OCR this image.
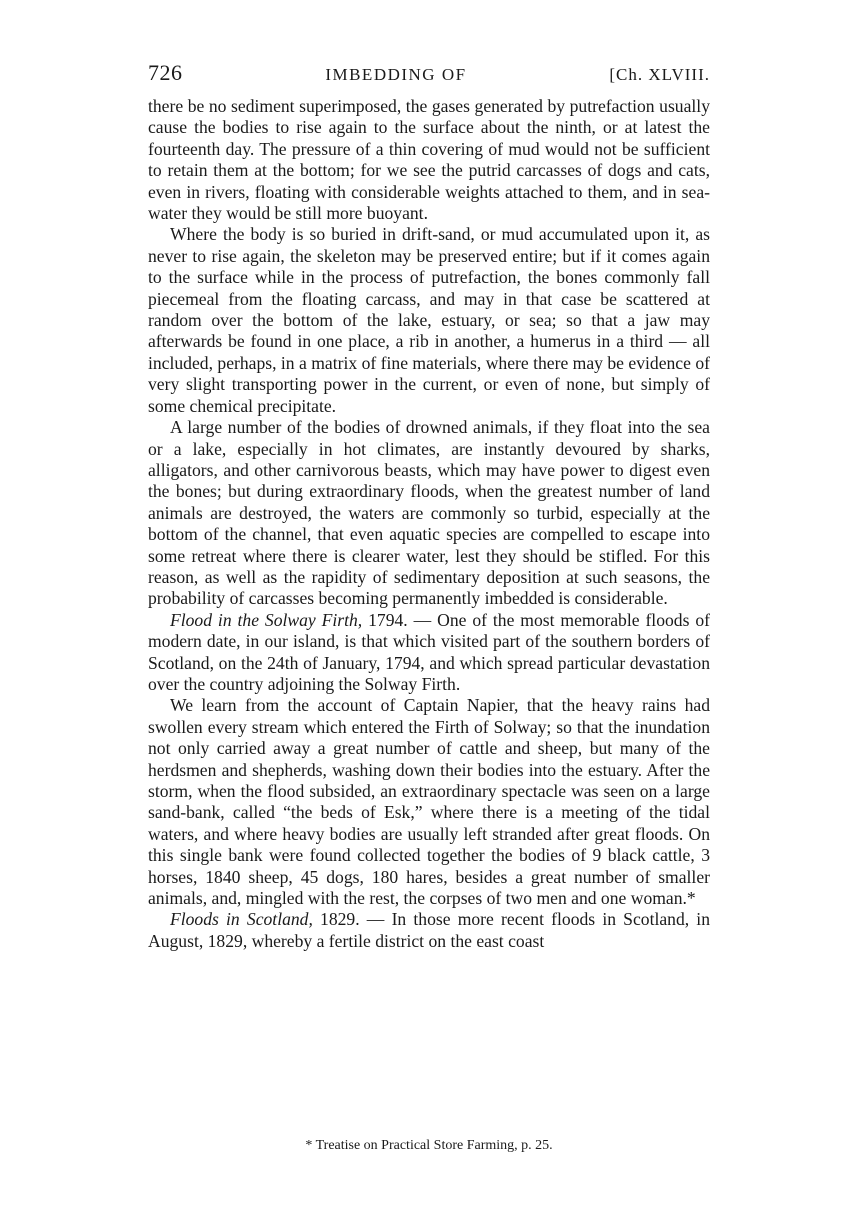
726	IMBEDDING OF	[Ch. XLVIII.

there be no sediment superimposed, the gases generated by putrefaction usually cause the bodies to rise again to the surface about the ninth, or at latest the fourteenth day. The pressure of a thin covering of mud would not be sufficient to retain them at the bottom; for we see the putrid carcasses of dogs and cats, even in rivers, floating with considerable weights attached to them, and in sea-water they would be still more buoyant.

Where the body is so buried in drift-sand, or mud accumulated upon it, as never to rise again, the skeleton may be preserved entire; but if it comes again to the surface while in the process of putrefaction, the bones commonly fall piecemeal from the floating carcass, and may in that case be scattered at random over the bottom of the lake, estuary, or sea; so that a jaw may afterwards be found in one place, a rib in another, a humerus in a third — all included, perhaps, in a matrix of fine materials, where there may be evidence of very slight transporting power in the current, or even of none, but simply of some chemical precipitate.

A large number of the bodies of drowned animals, if they float into the sea or a lake, especially in hot climates, are instantly devoured by sharks, alligators, and other carnivorous beasts, which may have power to digest even the bones; but during extraordinary floods, when the greatest number of land animals are destroyed, the waters are commonly so turbid, especially at the bottom of the channel, that even aquatic species are compelled to escape into some retreat where there is clearer water, lest they should be stifled. For this reason, as well as the rapidity of sedimentary deposition at such seasons, the probability of carcasses becoming permanently imbedded is considerable.

Flood in the Solway Firth, 1794. — One of the most memorable floods of modern date, in our island, is that which visited part of the southern borders of Scotland, on the 24th of January, 1794, and which spread particular devastation over the country adjoining the Solway Firth.

We learn from the account of Captain Napier, that the heavy rains had swollen every stream which entered the Firth of Solway; so that the inundation not only carried away a great number of cattle and sheep, but many of the herdsmen and shepherds, washing down their bodies into the estuary. After the storm, when the flood subsided, an extraordinary spectacle was seen on a large sand-bank, called “the beds of Esk,” where there is a meeting of the tidal waters, and where heavy bodies are usually left stranded after great floods. On this single bank were found collected together the bodies of 9 black cattle, 3 horses, 1840 sheep, 45 dogs, 180 hares, besides a great number of smaller animals, and, mingled with the rest, the corpses of two men and one woman.*

Floods in Scotland, 1829. — In those more recent floods in Scotland, in August, 1829, whereby a fertile district on the east coast

* Treatise on Practical Store Farming, p. 25.
